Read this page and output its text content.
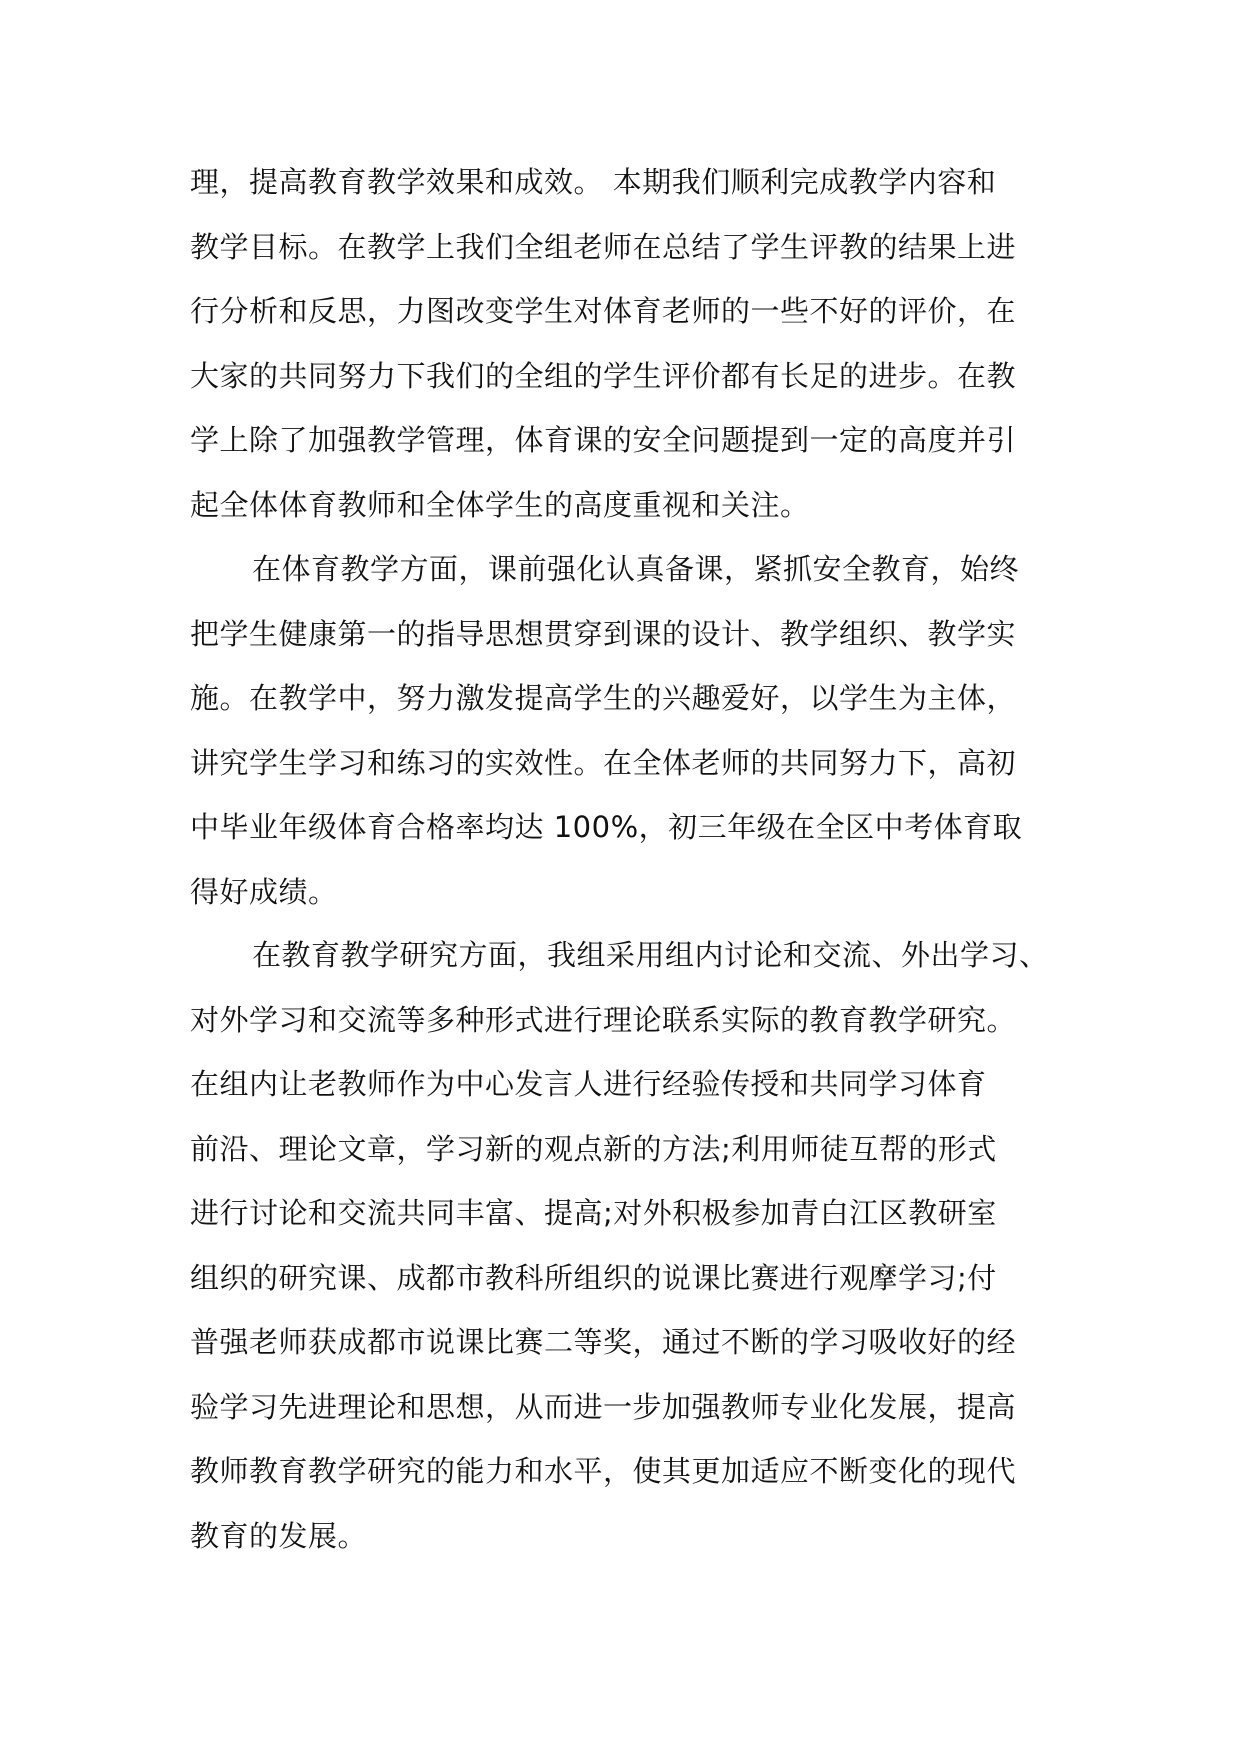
理，提高教育教学效果和成效。 本期我们顺利完成教学内容和
教学目标。在教学上我们全组老师在总结了学生评教的结果上进
行分析和反思，力图改变学生对体育老师的一些不好的评价，在
大家的共同努力下我们的全组的学生评价都有长足的进步。在教
学上除了加强教学管理，体育课的安全问题提到一定的高度并引
起全体体育教师和全体学生的高度重视和关注。
在体育教学方面，课前强化认真备课，紧抓安全教育，始终
把学生健康第一的指导思想贯穿到课的设计、教学组织、教学实
施。在教学中，努力激发提高学生的兴趣爱好，以学生为主体，
讲究学生学习和练习的实效性。在全体老师的共同努力下，高初
中毕业年级体育合格率均达 100%，初三年级在全区中考体育取
得好成绩。
在教育教学研究方面，我组采用组内讨论和交流、外出学习、
对外学习和交流等多种形式进行理论联系实际的教育教学研究。
在组内让老教师作为中心发言人进行经验传授和共同学习体育
前沿、理论文章，学习新的观点新的方法;利用师徒互帮的形式
进行讨论和交流共同丰富、提高;对外积极参加青白江区教研室
组织的研究课、成都市教科所组织的说课比赛进行观摩学习;付
普强老师获成都市说课比赛二等奖，通过不断的学习吸收好的经
验学习先进理论和思想，从而进一步加强教师专业化发展，提高
教师教育教学研究的能力和水平，使其更加适应不断变化的现代
教育的发展。
